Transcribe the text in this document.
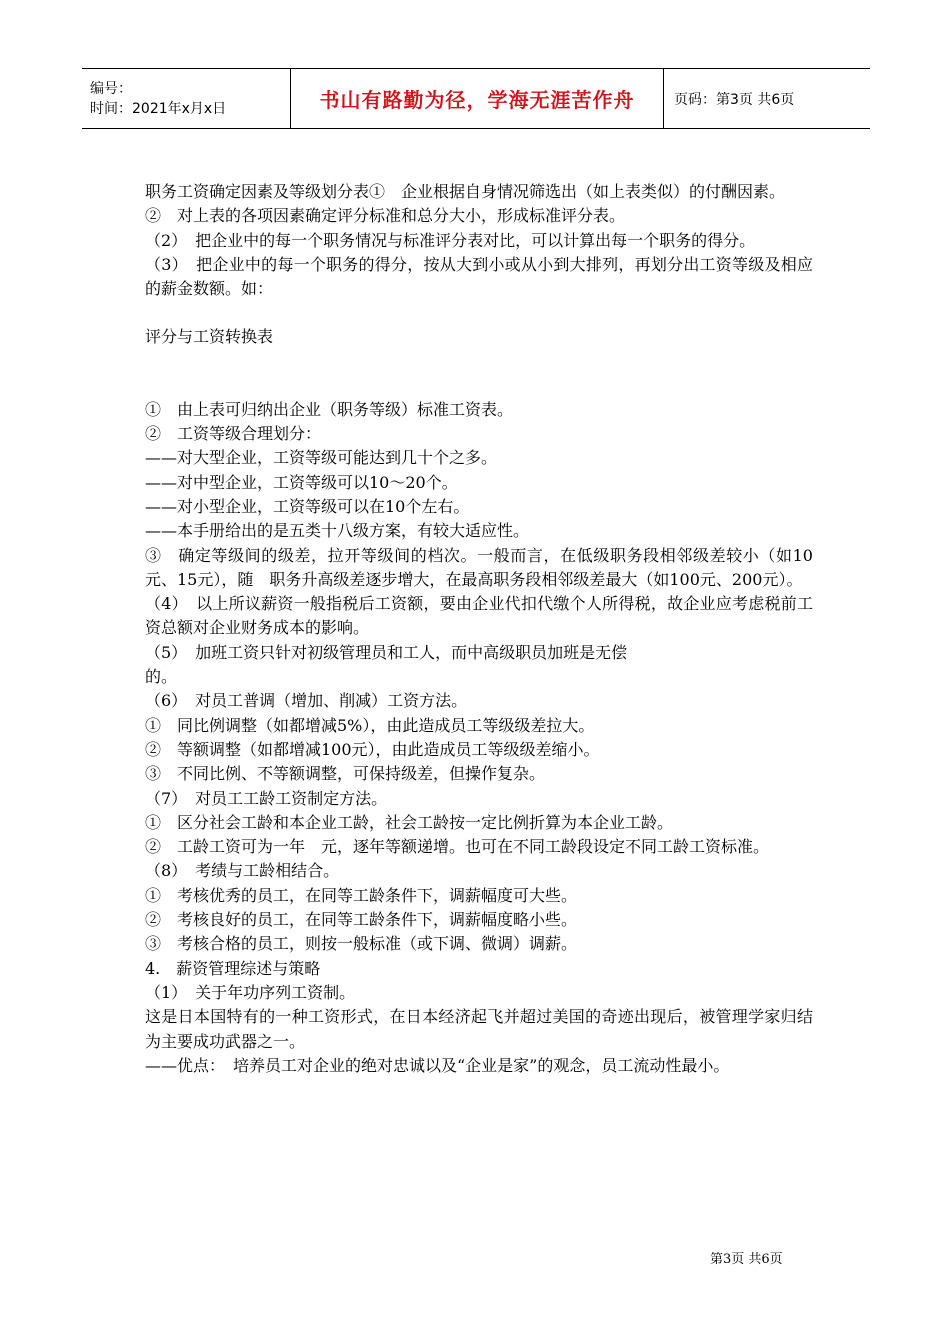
编号：
时间：2021年x月x日	书山有路勤为径，学海无涯苦作舟	页码：第3页 共6页

职务工资确定因素及等级划分表①　企业根据自身情况筛选出（如上表类似）的付酬因素。

②　对上表的各项因素确定评分标准和总分大小，形成标准评分表。

（2）　把企业中的每一个职务情况与标准评分表对比，可以计算出每一个职务的得分。

（3）　把企业中的每一个职务的得分，按从大到小或从小到大排列，再划分出工资等级及相应的薪金数额。如：

评分与工资转换表

①　由上表可归纳出企业（职务等级）标准工资表。

②　工资等级合理划分：

——对大型企业，工资等级可能达到几十个之多。

——对中型企业，工资等级可以10～20个。

——对小型企业，工资等级可以在10个左右。

——本手册给出的是五类十八级方案，有较大适应性。

③　确定等级间的级差，拉开等级间的档次。一般而言，在低级职务段相邻级差较小（如10元、15元），随　职务升高级差逐步增大，在最高职务段相邻级差最大（如100元、200元）。

（4）　以上所议薪资一般指税后工资额，要由企业代扣代缴个人所得税，故企业应考虑税前工资总额对企业财务成本的影响。

（5）　加班工资只针对初级管理员和工人，而中高级职员加班是无偿

的。

（6）　对员工普调（增加、削减）工资方法。

①　同比例调整（如都增减5%），由此造成员工等级级差拉大。

②　等额调整（如都增减100元），由此造成员工等级级差缩小。

③　不同比例、不等额调整，可保持级差，但操作复杂。

（7）　对员工工龄工资制定方法。

①　区分社会工龄和本企业工龄，社会工龄按一定比例折算为本企业工龄。

②　工龄工资可为一年　元，逐年等额递增。也可在不同工龄段设定不同工龄工资标准。

（8）　考绩与工龄相结合。

①　考核优秀的员工，在同等工龄条件下，调薪幅度可大些。

②　考核良好的员工，在同等工龄条件下，调薪幅度略小些。

③　考核合格的员工，则按一般标准（或下调、微调）调薪。

4.　薪资管理综述与策略

（1）　关于年功序列工资制。

这是日本国特有的一种工资形式，在日本经济起飞并超过美国的奇迹出现后，被管理学家归结为主要成功武器之一。

——优点：　培养员工对企业的绝对忠诚以及“企业是家”的观念，员工流动性最小。

第3页 共6页
